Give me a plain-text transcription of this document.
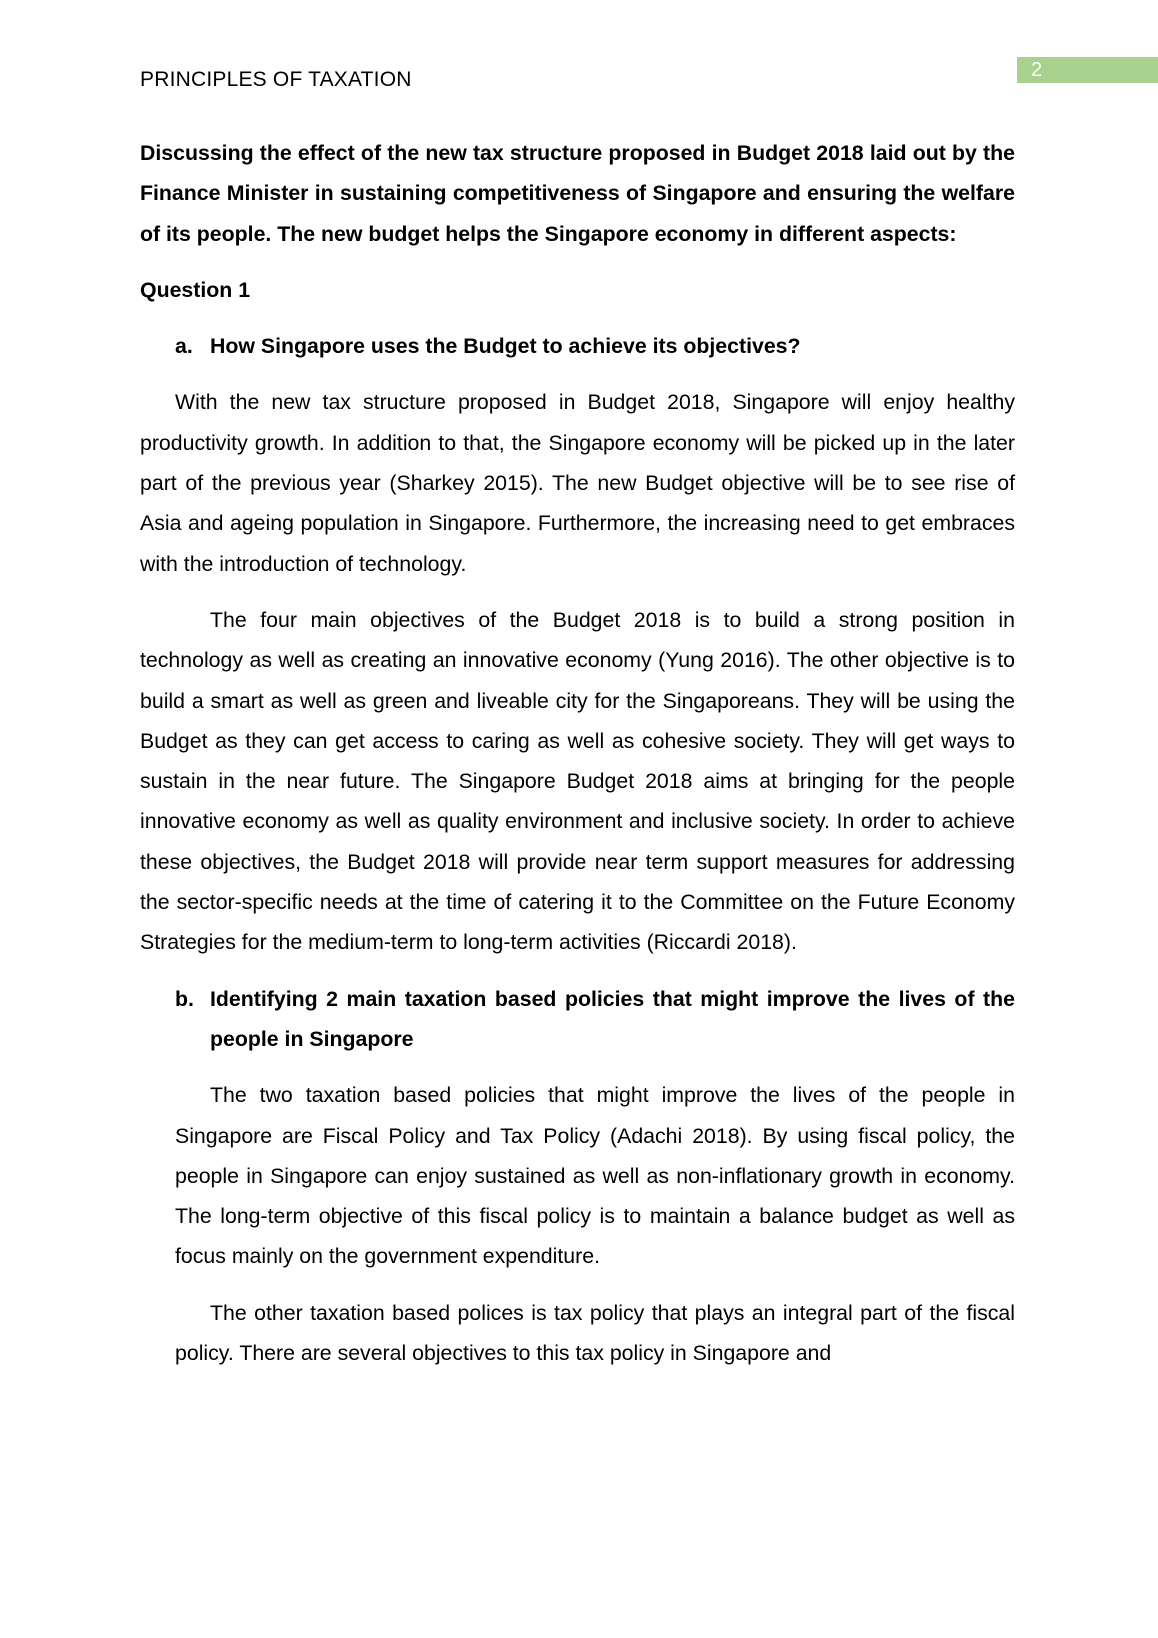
PRINCIPLES OF TAXATION	2

Discussing the effect of the new tax structure proposed in Budget 2018 laid out by the Finance Minister in sustaining competitiveness of Singapore and ensuring the welfare of its people. The new budget helps the Singapore economy in different aspects:

Question 1

a. How Singapore uses the Budget to achieve its objectives?

With the new tax structure proposed in Budget 2018, Singapore will enjoy healthy productivity growth. In addition to that, the Singapore economy will be picked up in the later part of the previous year (Sharkey 2015). The new Budget objective will be to see rise of Asia and ageing population in Singapore. Furthermore, the increasing need to get embraces with the introduction of technology.

The four main objectives of the Budget 2018 is to build a strong position in technology as well as creating an innovative economy (Yung 2016). The other objective is to build a smart as well as green and liveable city for the Singaporeans. They will be using the Budget as they can get access to caring as well as cohesive society. They will get ways to sustain in the near future. The Singapore Budget 2018 aims at bringing for the people innovative economy as well as quality environment and inclusive society. In order to achieve these objectives, the Budget 2018 will provide near term support measures for addressing the sector-specific needs at the time of catering it to the Committee on the Future Economy Strategies for the medium-term to long-term activities (Riccardi 2018).

b. Identifying 2 main taxation based policies that might improve the lives of the people in Singapore

The two taxation based policies that might improve the lives of the people in Singapore are Fiscal Policy and Tax Policy (Adachi 2018). By using fiscal policy, the people in Singapore can enjoy sustained as well as non-inflationary growth in economy. The long-term objective of this fiscal policy is to maintain a balance budget as well as focus mainly on the government expenditure.

The other taxation based polices is tax policy that plays an integral part of the fiscal policy. There are several objectives to this tax policy in Singapore and
